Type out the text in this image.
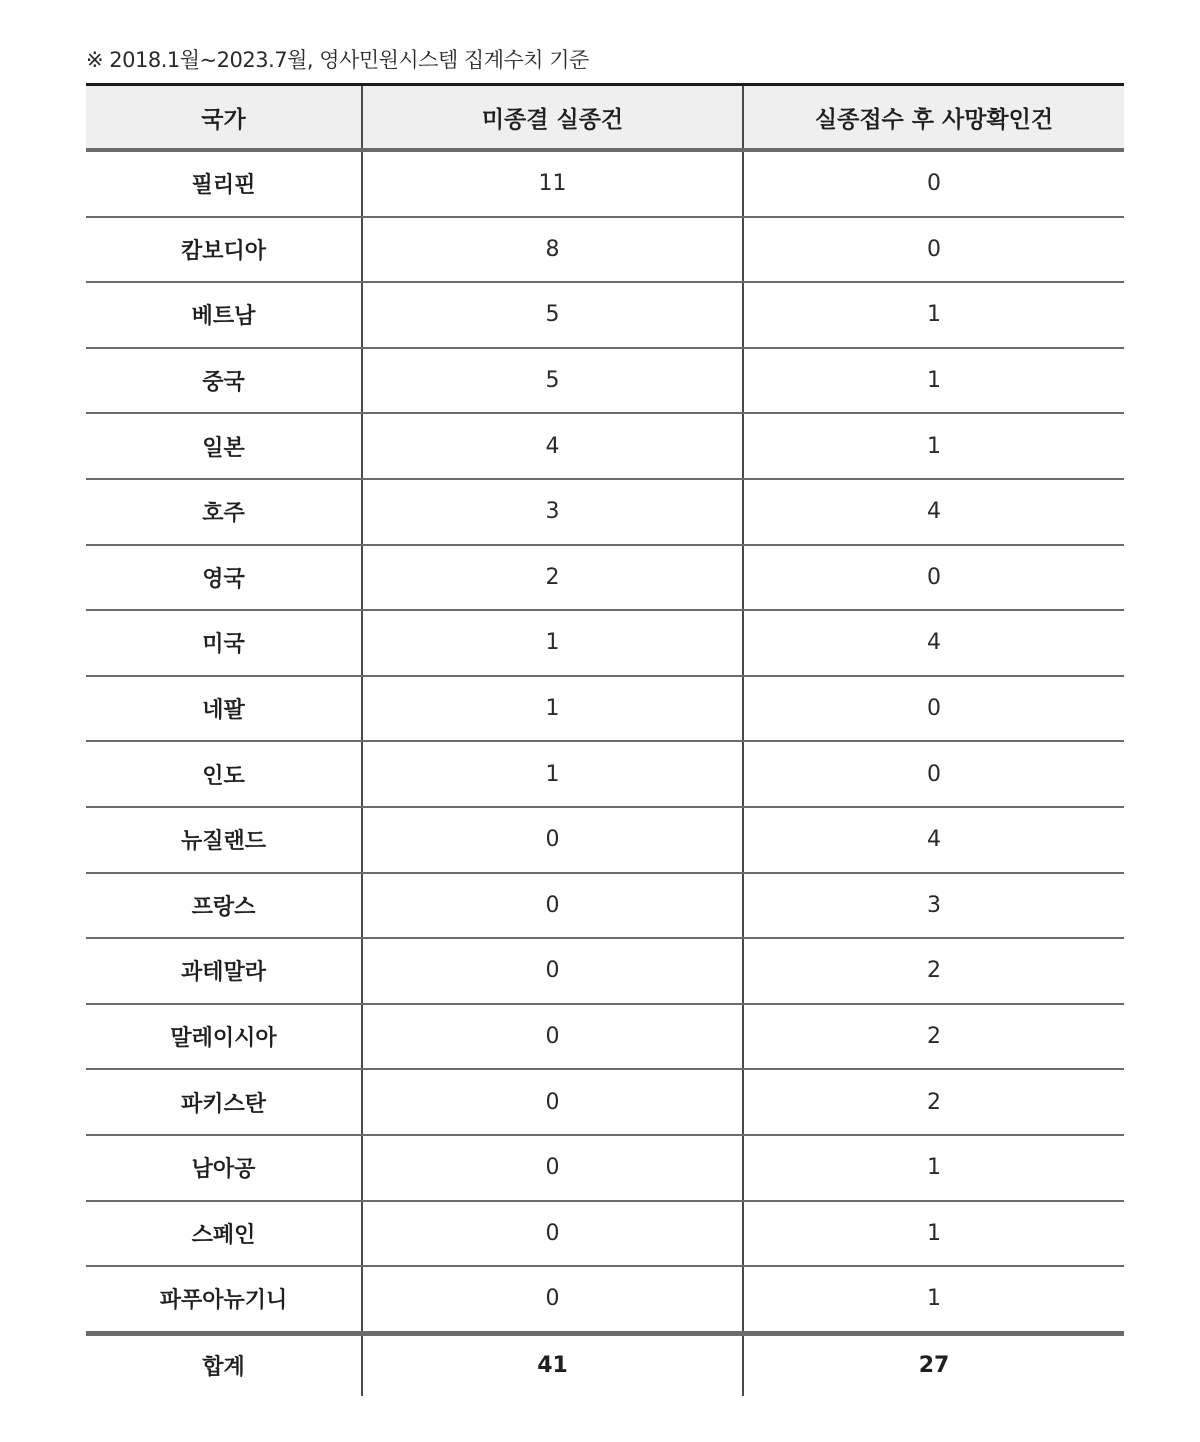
※ 2018.1월~2023.7월, 영사민원시스템 집계수치 기준
국가	미종결 실종건	실종접수 후 사망확인건
필리핀	11	0
캄보디아	8	0
베트남	5	1
중국	5	1
일본	4	1
호주	3	4
영국	2	0
미국	1	4
네팔	1	0
인도	1	0
뉴질랜드	0	4
프랑스	0	3
과테말라	0	2
말레이시아	0	2
파키스탄	0	2
남아공	0	1
스페인	0	1
파푸아뉴기니	0	1
합계	41	27
